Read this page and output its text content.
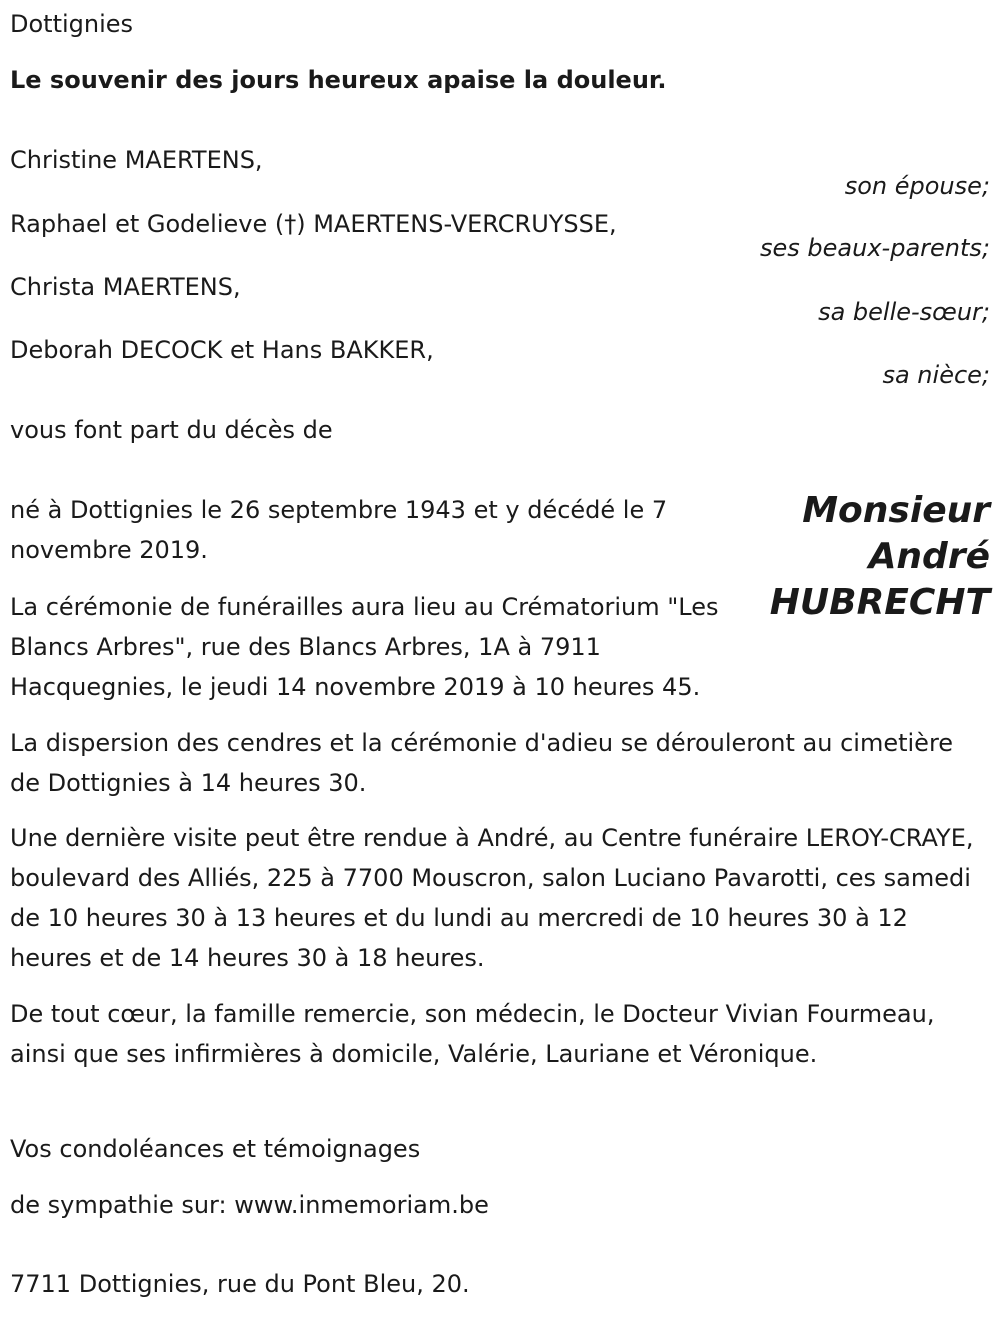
Dottignies
Le souvenir des jours heureux apaise la douleur.
Christine MAERTENS,
son épouse;
Raphael et Godelieve (†) MAERTENS-VERCRUYSSE,
ses beaux-parents;
Christa MAERTENS,
sa belle-sœur;
Deborah DECOCK et Hans BAKKER,
sa nièce;
vous font part du décès de
Monsieur
André
HUBRECHT
né à Dottignies le 26 septembre 1943 et y décédé le 7 novembre 2019.
La cérémonie de funérailles aura lieu au Crématorium "Les Blancs Arbres", rue des Blancs Arbres, 1A à 7911 Hacquegnies, le jeudi 14 novembre 2019 à 10 heures 45.
La dispersion des cendres et la cérémonie d'adieu se dérouleront au cimetière de Dottignies à 14 heures 30.
Une dernière visite peut être rendue à André, au Centre funéraire LEROY-CRAYE, boulevard des Alliés, 225 à 7700 Mouscron, salon Luciano Pavarotti, ces samedi de 10 heures 30 à 13 heures et du lundi au mercredi de 10 heures 30 à 12 heures et de 14 heures 30 à 18 heures.
De tout cœur, la famille remercie, son médecin, le Docteur Vivian Fourmeau, ainsi que ses infirmières à domicile, Valérie, Lauriane et Véronique.
Vos condoléances et témoignages
de sympathie sur: www.inmemoriam.be
7711 Dottignies, rue du Pont Bleu, 20.
